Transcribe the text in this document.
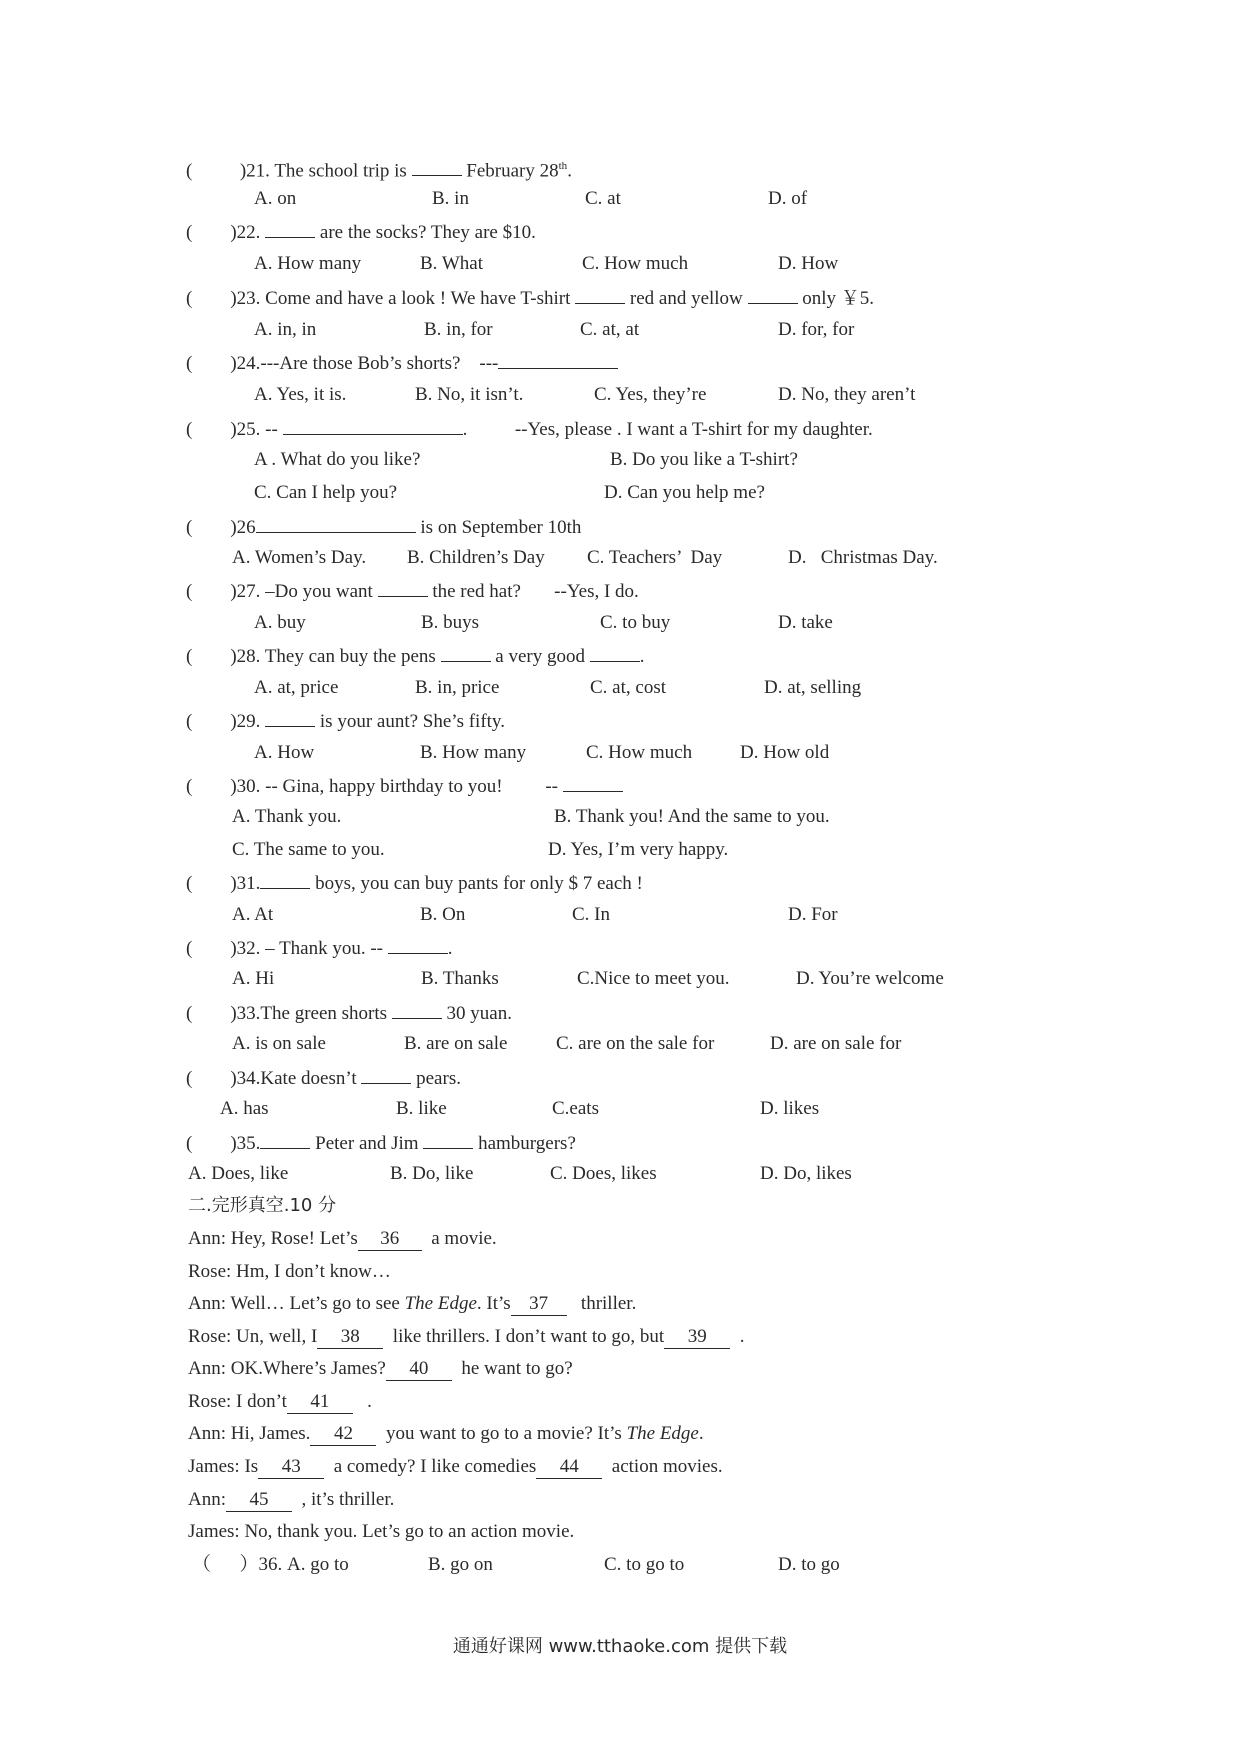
(          )21. The school trip is	February 28th.
A. on	B. in	C. at	D. of
(        )22.	are the socks? They are $10.
A. How many	B. What	C. How much	D. How
(        )23. Come and have a look ! We have T-shirt	red and yellow	only ￥5.
A. in, in	B. in, for	C. at, at	D. for, for
(        )24.---Are those Bob’s shorts?    ---
A. Yes, it is.	B. No, it isn’t.	C. Yes, they’re	D. No, they aren’t
(        )25. --	.          --Yes, please . I want a T-shirt for my daughter.
A . What do you like?	B. Do you like a T-shirt?
C. Can I help you?	D. Can you help me?
(        )26	is on September 10th
A. Women’s Day. B. Children’s Day C. Teachers’  Day	D.   Christmas Day.
(        )27. –Do you want	the red hat?       --Yes, I do.
A. buy	B. buys	C. to buy	D. take
(        )28. They can buy the pens	a very good	.
A. at, price	B. in, price	C. at, cost	D. at, selling
(        )29.	is your aunt? She’s fifty.
A. How	B. How many	C. How much	D. How old
(        )30. -- Gina, happy birthday to you!         --
A. Thank you.	B. Thank you! And the same to you.
C. The same to you.	D. Yes, I’m very happy.
(        )31.	boys, you can buy pants for only $ 7 each !
A. At	B. On	C. In	D. For
(        )32. – Thank you. --	.
A. Hi	B. Thanks	C.Nice to meet you.	D. You’re welcome
(        )33.The green shorts	30 yuan.
A. is on sale	B. are on sale	C. are on the sale for	D. are on sale for
(        )34.Kate doesn’t	pears.
A. has	B. like	C.eats	D. likes
(        )35.	Peter and Jim	hamburgers?
A. Does, like	B. Do, like	C. Does, likes	D. Do, likes
二.完形真空.10 分
Ann: Hey, Rose! Let’s 36  a movie.
Rose: Hm, I don’t know…
Ann: Well… Let’s go to see The Edge. It’s 37   thriller.
Rose: Un, well, I 38  like thrillers. I don’t want to go, but 39  .
Ann: OK.Where’s James? 40  he want to go?
Rose: I don’t 41   .
Ann: Hi, James. 42  you want to go to a movie? It’s The Edge.
James: Is 43  a comedy? I like comedies 44  action movies.
Ann: 45  , it’s thriller.
James: No, thank you. Let’s go to an action movie.
（      ）36. A. go to	B. go on	C. to go to	D. to go
通通好课网 www.tthaoke.com 提供下载
